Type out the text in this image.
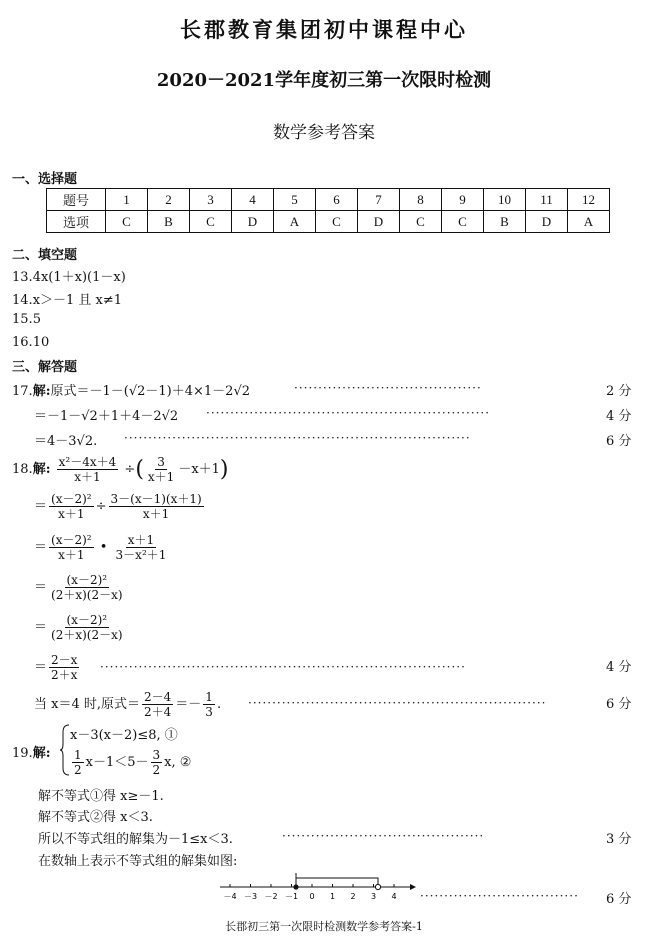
长郡教育集团初中课程中心
2020－2021学年度初三第一次限时检测
数学参考答案
一、选择题
题号	1	2	3	4	5	6	7	8	9	10	11	12
选项	C	B	C	D	A	C	D	C	C	B	D	A
二、填空题
13.4x(1＋x)(1－x)
14.x＞－1 且 x≠1
15.5
16.10
三、解答题
17.解:原式＝－1－(√2－1)＋4×1－2√2	·······································	2 分
＝－1－√2＋1＋4－2√2 ···························································	4 分
＝4－3√2. ········································································	6 分
18.解: $\frac{\text{x²－4x＋4}}{x+1}$ ÷( $\frac{3}{x+1} -x+1$)
＝ $\frac{\text{(x－2)²}}{x+1} \div \frac{3-(x-1)(x+1)}{x+1}$
＝ $\frac{\text{(x－2)²}}{x+1}$ • $\frac{x+1}{\text{3－x²＋1}}$
＝ $\frac{\text{(x－2)²}}{(2+x)(2-x)}$
＝ $\frac{\text{(x－2)²}}{(2+x)(2-x)}$
＝ $\frac{2-x}{2+x}$ ············································································	4 分
当 x＝4 时,原式＝ $\frac{2-4}{2+4} =- \frac{1}{3}$ . ······························································	6 分
19.解:
x－3(x－2)≤8, ①
$\frac{1}{2} x-1<5- \frac{3}{2} x$, ②
解不等式①得 x≥－1.
解不等式②得 x＜3.
所以不等式组的解集为－1≤x＜3.	··········································	3 分
在数轴上表示不等式组的解集如图:
－4 －3 －2 －1 0 1 2 3 4 ································· 6 分
长郡初三第一次限时检测数学参考答案-1
